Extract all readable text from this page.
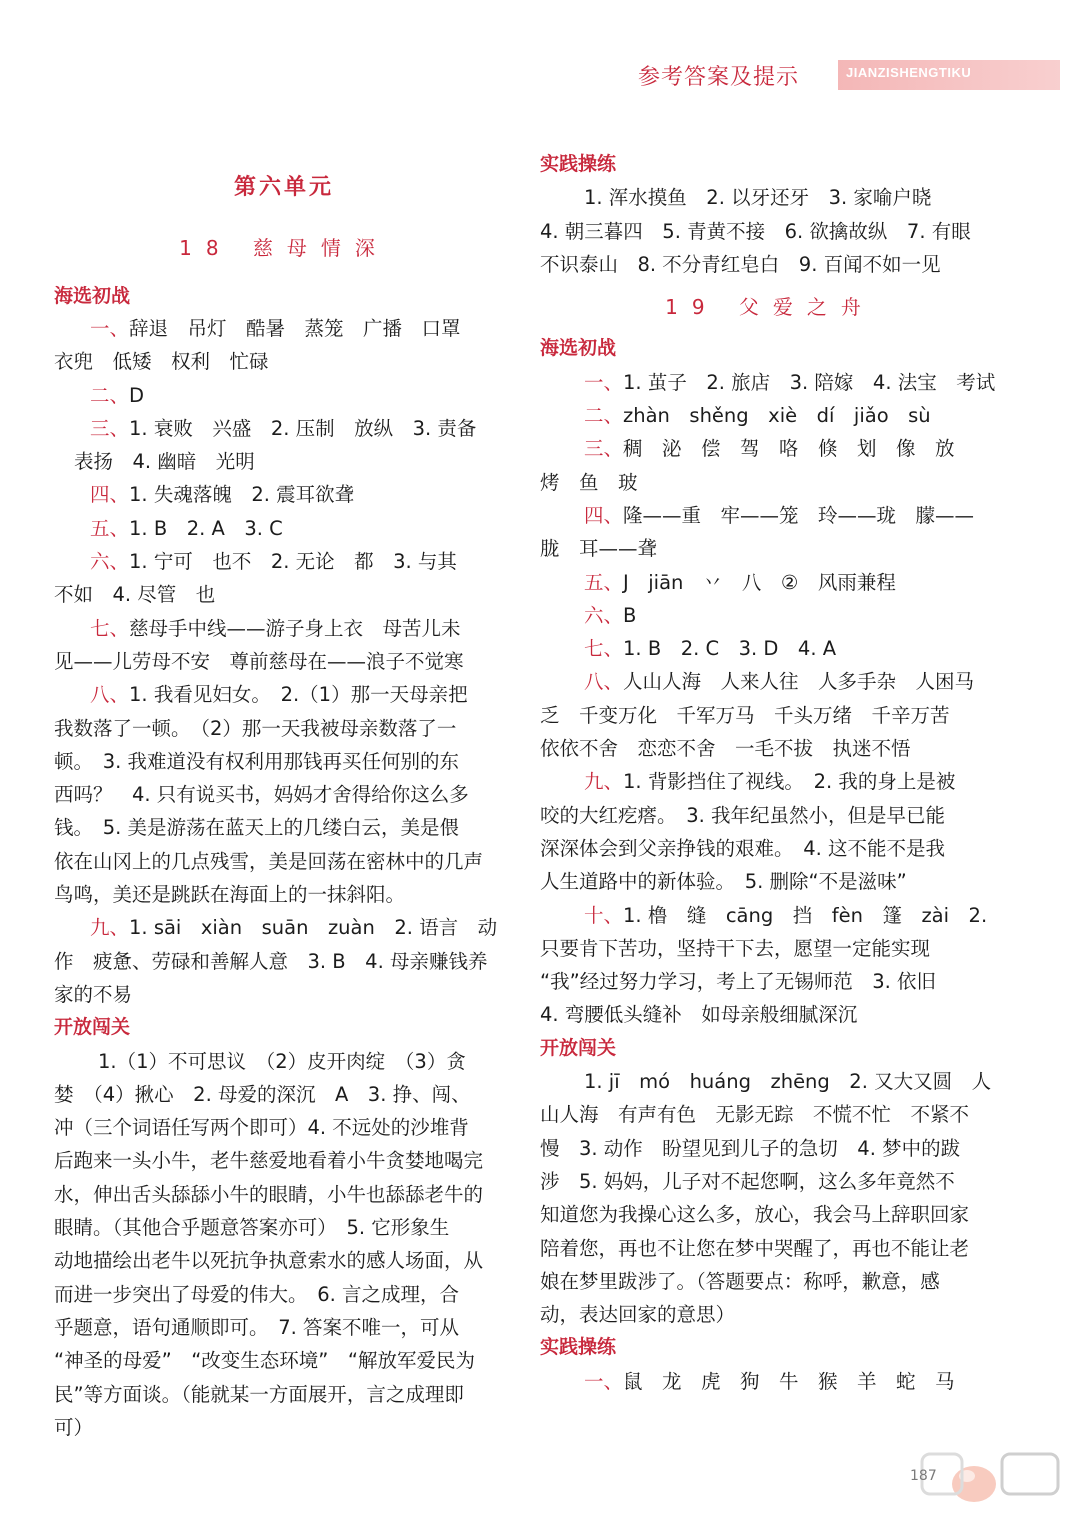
参考答案及提示	JIANZISHENGTIKU
第六单元
18 慈母情深

海选初战

一、辞退　吊灯　酷暑　蒸笼　广播　口罩

衣兜　低矮　权利　忙碌

二、D

三、1. 衰败　兴盛　2. 压制　放纵　3. 责备

表扬　4. 幽暗　光明

四、1. 失魂落魄　2. 震耳欲聋

五、1. B　2. A　3. C

六、1. 宁可　也不　2. 无论　都　3. 与其

不如　4. 尽管　也

七、慈母手中线——游子身上衣　母苦儿未

见——儿劳母不安　尊前慈母在——浪子不觉寒

八、1. 我看见妇女。　2.（1）那一天母亲把

我数落了一顿。　（2）那一天我被母亲数落了一

顿。　3. 我难道没有权利用那钱再买任何别的东

西吗？　4. 只有说买书，妈妈才舍得给你这么多

钱。　5. 美是游荡在蓝天上的几缕白云，美是偎

依在山冈上的几点残雪，美是回荡在密林中的几声

鸟鸣，美还是跳跃在海面上的一抹斜阳。

九、1. sāi　xiàn　suān　zuàn　2. 语言　动

作　疲惫、劳碌和善解人意　3. B　4. 母亲赚钱养

家的不易

开放闯关

1.（1）不可思议　（2）皮开肉绽　（3）贪

婪　（4）揪心　2. 母爱的深沉　A　3. 挣、闯、

冲（三个词语任写两个即可）4. 不远处的沙堆背

后跑来一头小牛，老牛慈爱地看着小牛贪婪地喝完

水，伸出舌头舔舔小牛的眼睛，小牛也舔舔老牛的

眼睛。（其他合乎题意答案亦可）　5. 它形象生

动地描绘出老牛以死抗争执意索水的感人场面，从

而进一步突出了母爱的伟大。　6. 言之成理，合

乎题意，语句通顺即可。　7. 答案不唯一，可从

“神圣的母爱”　“改变生态环境”　“解放军爱民为

民”等方面谈。（能就某一方面展开，言之成理即

可）

实践操练

1. 浑水摸鱼　2. 以牙还牙　3. 家喻户晓

4. 朝三暮四　5. 青黄不接　6. 欲擒故纵　7. 有眼

不识泰山　8. 不分青红皂白　9. 百闻不如一见

19 父爱之舟

海选初战

一、1. 茧子　2. 旅店　3. 陪嫁　4. 法宝　考试

二、zhàn　shěng　xiè　dí　jiǎo　sù

三、稠　泌　偿　驾　咯　倏　划　像　放

烤　鱼　玻

四、隆——重　牢——笼　玲——珑　朦——

胧　耳——聋

五、J　jiān　丷　八　②　风雨兼程

六、B

七、1. B　2. C　3. D　4. A

八、人山人海　人来人往　人多手杂　人困马

乏　千变万化　千军万马　千头万绪　千辛万苦

依依不舍　恋恋不舍　一毛不拔　执迷不悟

九、1. 背影挡住了视线。　2. 我的身上是被

咬的大红疙瘩。　3. 我年纪虽然小，但是早已能

深深体会到父亲挣钱的艰难。　4. 这不能不是我

人生道路中的新体验。　5. 删除“不是滋味”

十、1. 橹　缝　cāng　挡　fèn　篷　zài　2.

只要肯下苦功，坚持干下去，愿望一定能实现

“我”经过努力学习，考上了无锡师范　3. 依旧

4. 弯腰低头缝补　如母亲般细腻深沉

开放闯关

1. jī　mó　huáng　zhēng　2. 又大又圆　人

山人海　有声有色　无影无踪　不慌不忙　不紧不

慢　3. 动作　盼望见到儿子的急切　4. 梦中的跋

涉　5. 妈妈，儿子对不起您啊，这么多年竟然不

知道您为我操心这么多，放心，我会马上辞职回家

陪着您，再也不让您在梦中哭醒了，再也不能让老

娘在梦里跋涉了。（答题要点：称呼，歉意，感

动，表达回家的意思）

实践操练

一、鼠　龙　虎　狗　牛　猴　羊　蛇　马

187
